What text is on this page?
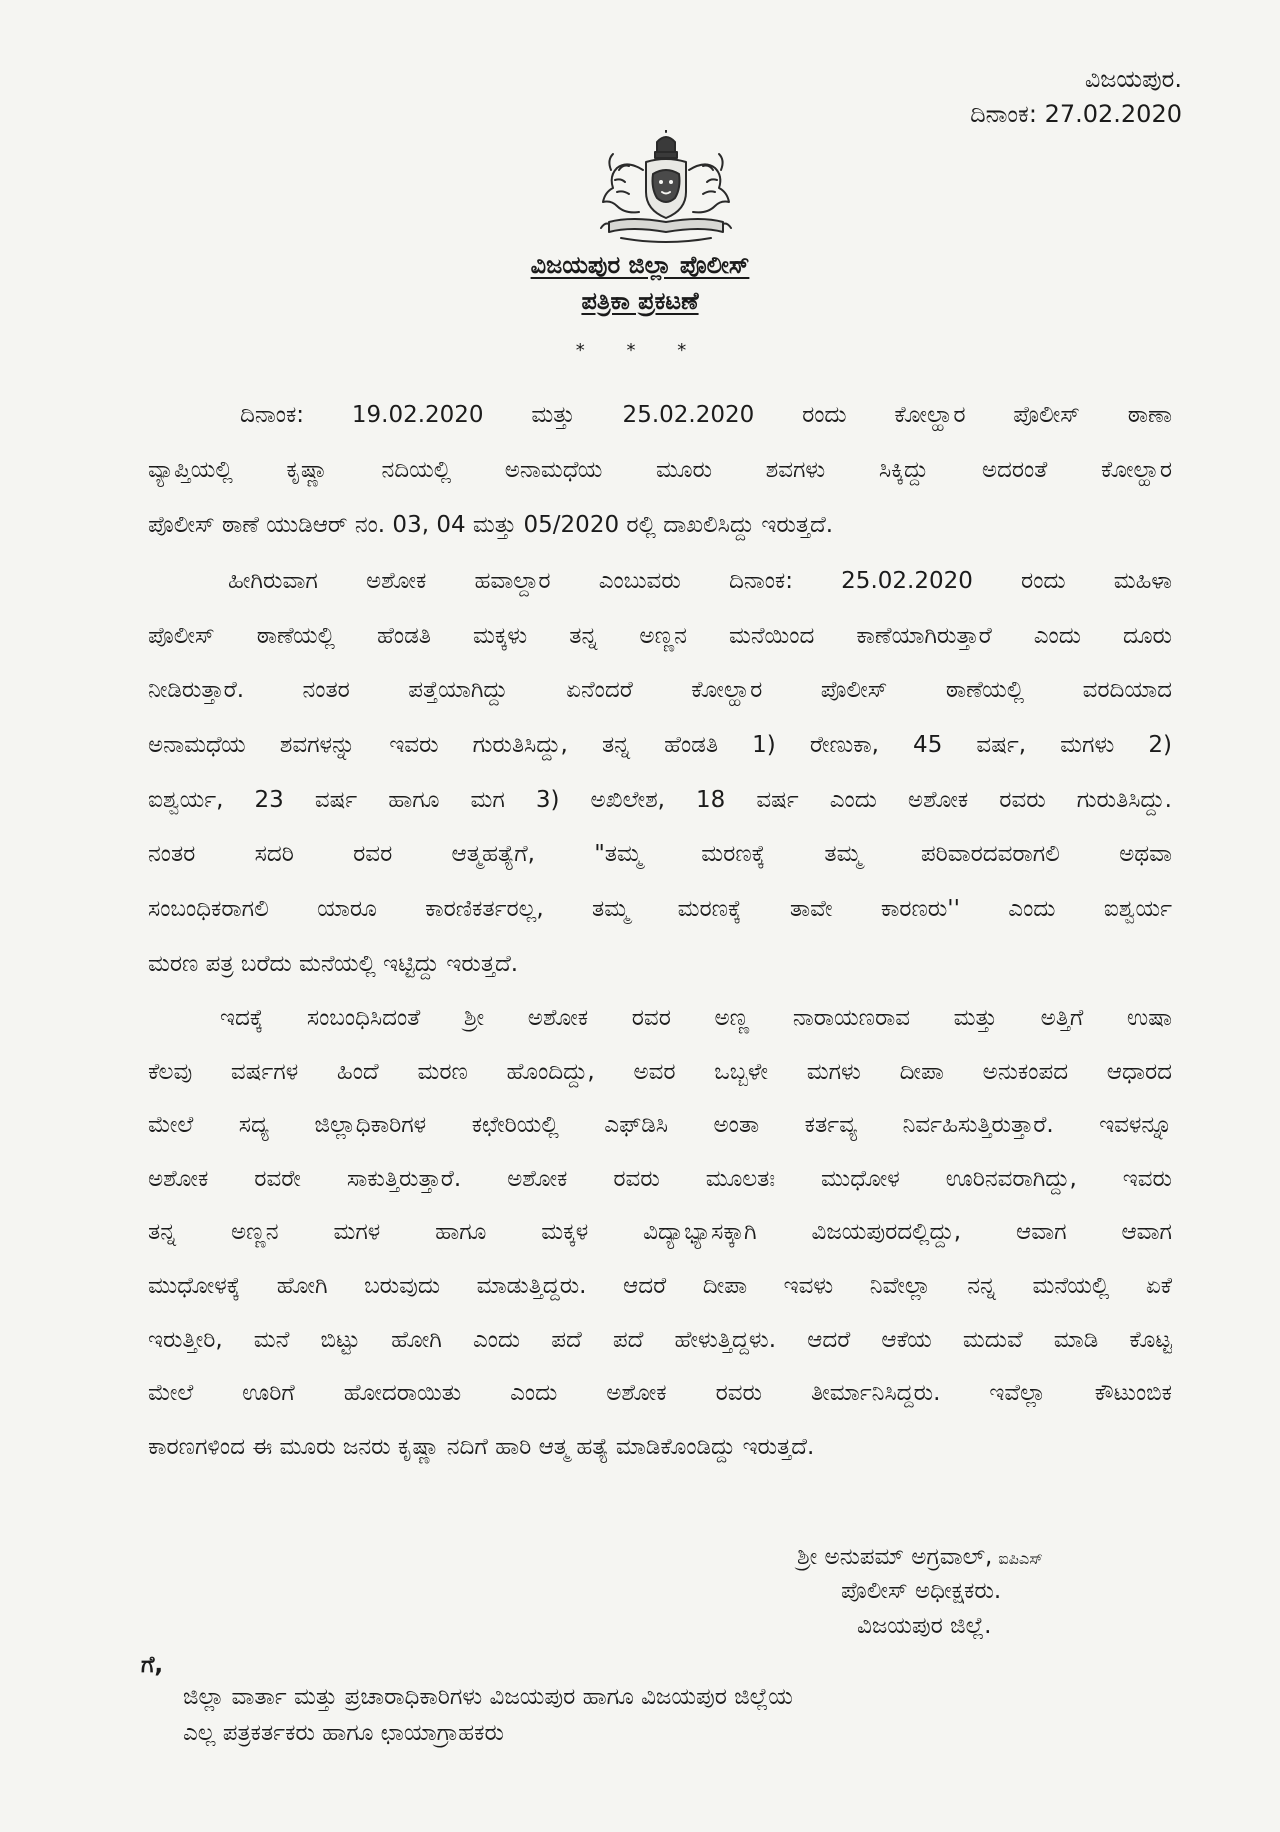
ವಿಜಯಪುರ.
ದಿನಾಂಕ: 27.02.2020
ವಿಜಯಪುರ ಜಿಲ್ಲಾ ಪೊಲೀಸ್
ಪತ್ರಿಕಾ ಪ್ರಕಟಣೆ
* * *
ದಿನಾಂಕ: 19.02.2020 ಮತ್ತು 25.02.2020 ರಂದು ಕೋಲ್ಹಾರ ಪೊಲೀಸ್ ಠಾಣಾ
ವ್ಯಾಪ್ತಿಯಲ್ಲಿ ಕೃಷ್ಣಾ ನದಿಯಲ್ಲಿ ಅನಾಮಧೆಯ ಮೂರು ಶವಗಳು ಸಿಕ್ಕಿದ್ದು ಅದರಂತೆ ಕೋಲ್ಹಾರ
ಪೊಲೀಸ್ ಠಾಣೆ ಯುಡಿಆರ್ ನಂ. 03, 04 ಮತ್ತು 05/2020 ರಲ್ಲಿ ದಾಖಲಿಸಿದ್ದು ಇರುತ್ತದೆ.
ಹೀಗಿರುವಾಗ ಅಶೋಕ ಹವಾಲ್ದಾರ ಎಂಬುವರು ದಿನಾಂಕ: 25.02.2020 ರಂದು ಮಹಿಳಾ
ಪೊಲೀಸ್ ಠಾಣೆಯಲ್ಲಿ ಹೆಂಡತಿ ಮಕ್ಕಳು ತನ್ನ ಅಣ್ಣನ ಮನೆಯಿಂದ ಕಾಣೆಯಾಗಿರುತ್ತಾರೆ ಎಂದು ದೂರು
ನೀಡಿರುತ್ತಾರೆ. ನಂತರ ಪತ್ತೆಯಾಗಿದ್ದು ಏನೆಂದರೆ ಕೋಲ್ಹಾರ ಪೊಲೀಸ್ ಠಾಣೆಯಲ್ಲಿ ವರದಿಯಾದ
ಅನಾಮಧೆಯ ಶವಗಳನ್ನು ಇವರು ಗುರುತಿಸಿದ್ದು, ತನ್ನ ಹೆಂಡತಿ 1) ರೇಣುಕಾ, 45 ವರ್ಷ, ಮಗಳು 2)
ಐಶ್ವರ್ಯ, 23 ವರ್ಷ ಹಾಗೂ ಮಗ 3) ಅಖಿಲೇಶ, 18 ವರ್ಷ ಎಂದು ಅಶೋಕ ರವರು ಗುರುತಿಸಿದ್ದು.
ನಂತರ ಸದರಿ ರವರ ಆತ್ಮಹತ್ಯೆಗೆ, "ತಮ್ಮ ಮರಣಕ್ಕೆ ತಮ್ಮ ಪರಿವಾರದವರಾಗಲಿ ಅಥವಾ
ಸಂಬಂಧಿಕರಾಗಲಿ ಯಾರೂ ಕಾರಣಿಕರ್ತರಲ್ಲ, ತಮ್ಮ ಮರಣಕ್ಕೆ ತಾವೇ ಕಾರಣರು'' ಎಂದು ಐಶ್ವರ್ಯ
ಮರಣ ಪತ್ರ ಬರೆದು ಮನೆಯಲ್ಲಿ ಇಟ್ಟಿದ್ದು ಇರುತ್ತದೆ.
ಇದಕ್ಕೆ ಸಂಬಂಧಿಸಿದಂತೆ ಶ್ರೀ ಅಶೋಕ ರವರ ಅಣ್ಣ ನಾರಾಯಣರಾವ ಮತ್ತು ಅತ್ತಿಗೆ ಉಷಾ
ಕೆಲವು ವರ್ಷಗಳ ಹಿಂದೆ ಮರಣ ಹೊಂದಿದ್ದು, ಅವರ ಒಬ್ಬಳೇ ಮಗಳು ದೀಪಾ ಅನುಕಂಪದ ಆಧಾರದ
ಮೇಲೆ ಸದ್ಯ ಜಿಲ್ಲಾಧಿಕಾರಿಗಳ ಕಛೇರಿಯಲ್ಲಿ ಎಫ್‌ಡಿಸಿ ಅಂತಾ ಕರ್ತವ್ಯ ನಿರ್ವಹಿಸುತ್ತಿರುತ್ತಾರೆ. ಇವಳನ್ನೂ
ಅಶೋಕ ರವರೇ ಸಾಕುತ್ತಿರುತ್ತಾರೆ. ಅಶೋಕ ರವರು ಮೂಲತಃ ಮುಧೋಳ ಊರಿನವರಾಗಿದ್ದು, ಇವರು
ತನ್ನ ಅಣ್ಣನ ಮಗಳ ಹಾಗೂ ಮಕ್ಕಳ ವಿದ್ಯಾಭ್ಯಾಸಕ್ಕಾಗಿ ವಿಜಯಪುರದಲ್ಲಿದ್ದು, ಆವಾಗ ಆವಾಗ
ಮುಧೋಳಕ್ಕೆ ಹೋಗಿ ಬರುವುದು ಮಾಡುತ್ತಿದ್ದರು. ಆದರೆ ದೀಪಾ ಇವಳು ನಿವೇಲ್ಲಾ ನನ್ನ ಮನೆಯಲ್ಲಿ ಏಕೆ
ಇರುತ್ತೀರಿ, ಮನೆ ಬಿಟ್ಟು ಹೋಗಿ ಎಂದು ಪದೆ ಪದೆ ಹೇಳುತ್ತಿದ್ದಳು. ಆದರೆ ಆಕೆಯ ಮದುವೆ ಮಾಡಿ ಕೊಟ್ಟ
ಮೇಲೆ ಊರಿಗೆ ಹೋದರಾಯಿತು ಎಂದು ಅಶೋಕ ರವರು ತೀರ್ಮಾನಿಸಿದ್ದರು. ಇವೆಲ್ಲಾ ಕೌಟುಂಬಿಕ
ಕಾರಣಗಳಿಂದ ಈ ಮೂರು ಜನರು ಕೃಷ್ಣಾ ನದಿಗೆ ಹಾರಿ ಆತ್ಮ ಹತ್ಯೆ ಮಾಡಿಕೊಂಡಿದ್ದು ಇರುತ್ತದೆ.
ಶ್ರೀ ಅನುಪಮ್ ಅಗ್ರವಾಲ್, ಐಪಿಎಸ್
ಪೊಲೀಸ್ ಅಧೀಕ್ಷಕರು.
ವಿಜಯಪುರ ಜಿಲ್ಲೆ.
ಗೆ,
ಜಿಲ್ಲಾ ವಾರ್ತಾ ಮತ್ತು ಪ್ರಚಾರಾಧಿಕಾರಿಗಳು ವಿಜಯಪುರ ಹಾಗೂ ವಿಜಯಪುರ ಜಿಲ್ಲೆಯ
ಎಲ್ಲ ಪತ್ರಕರ್ತಕರು ಹಾಗೂ ಛಾಯಾಗ್ರಾಹಕರು
